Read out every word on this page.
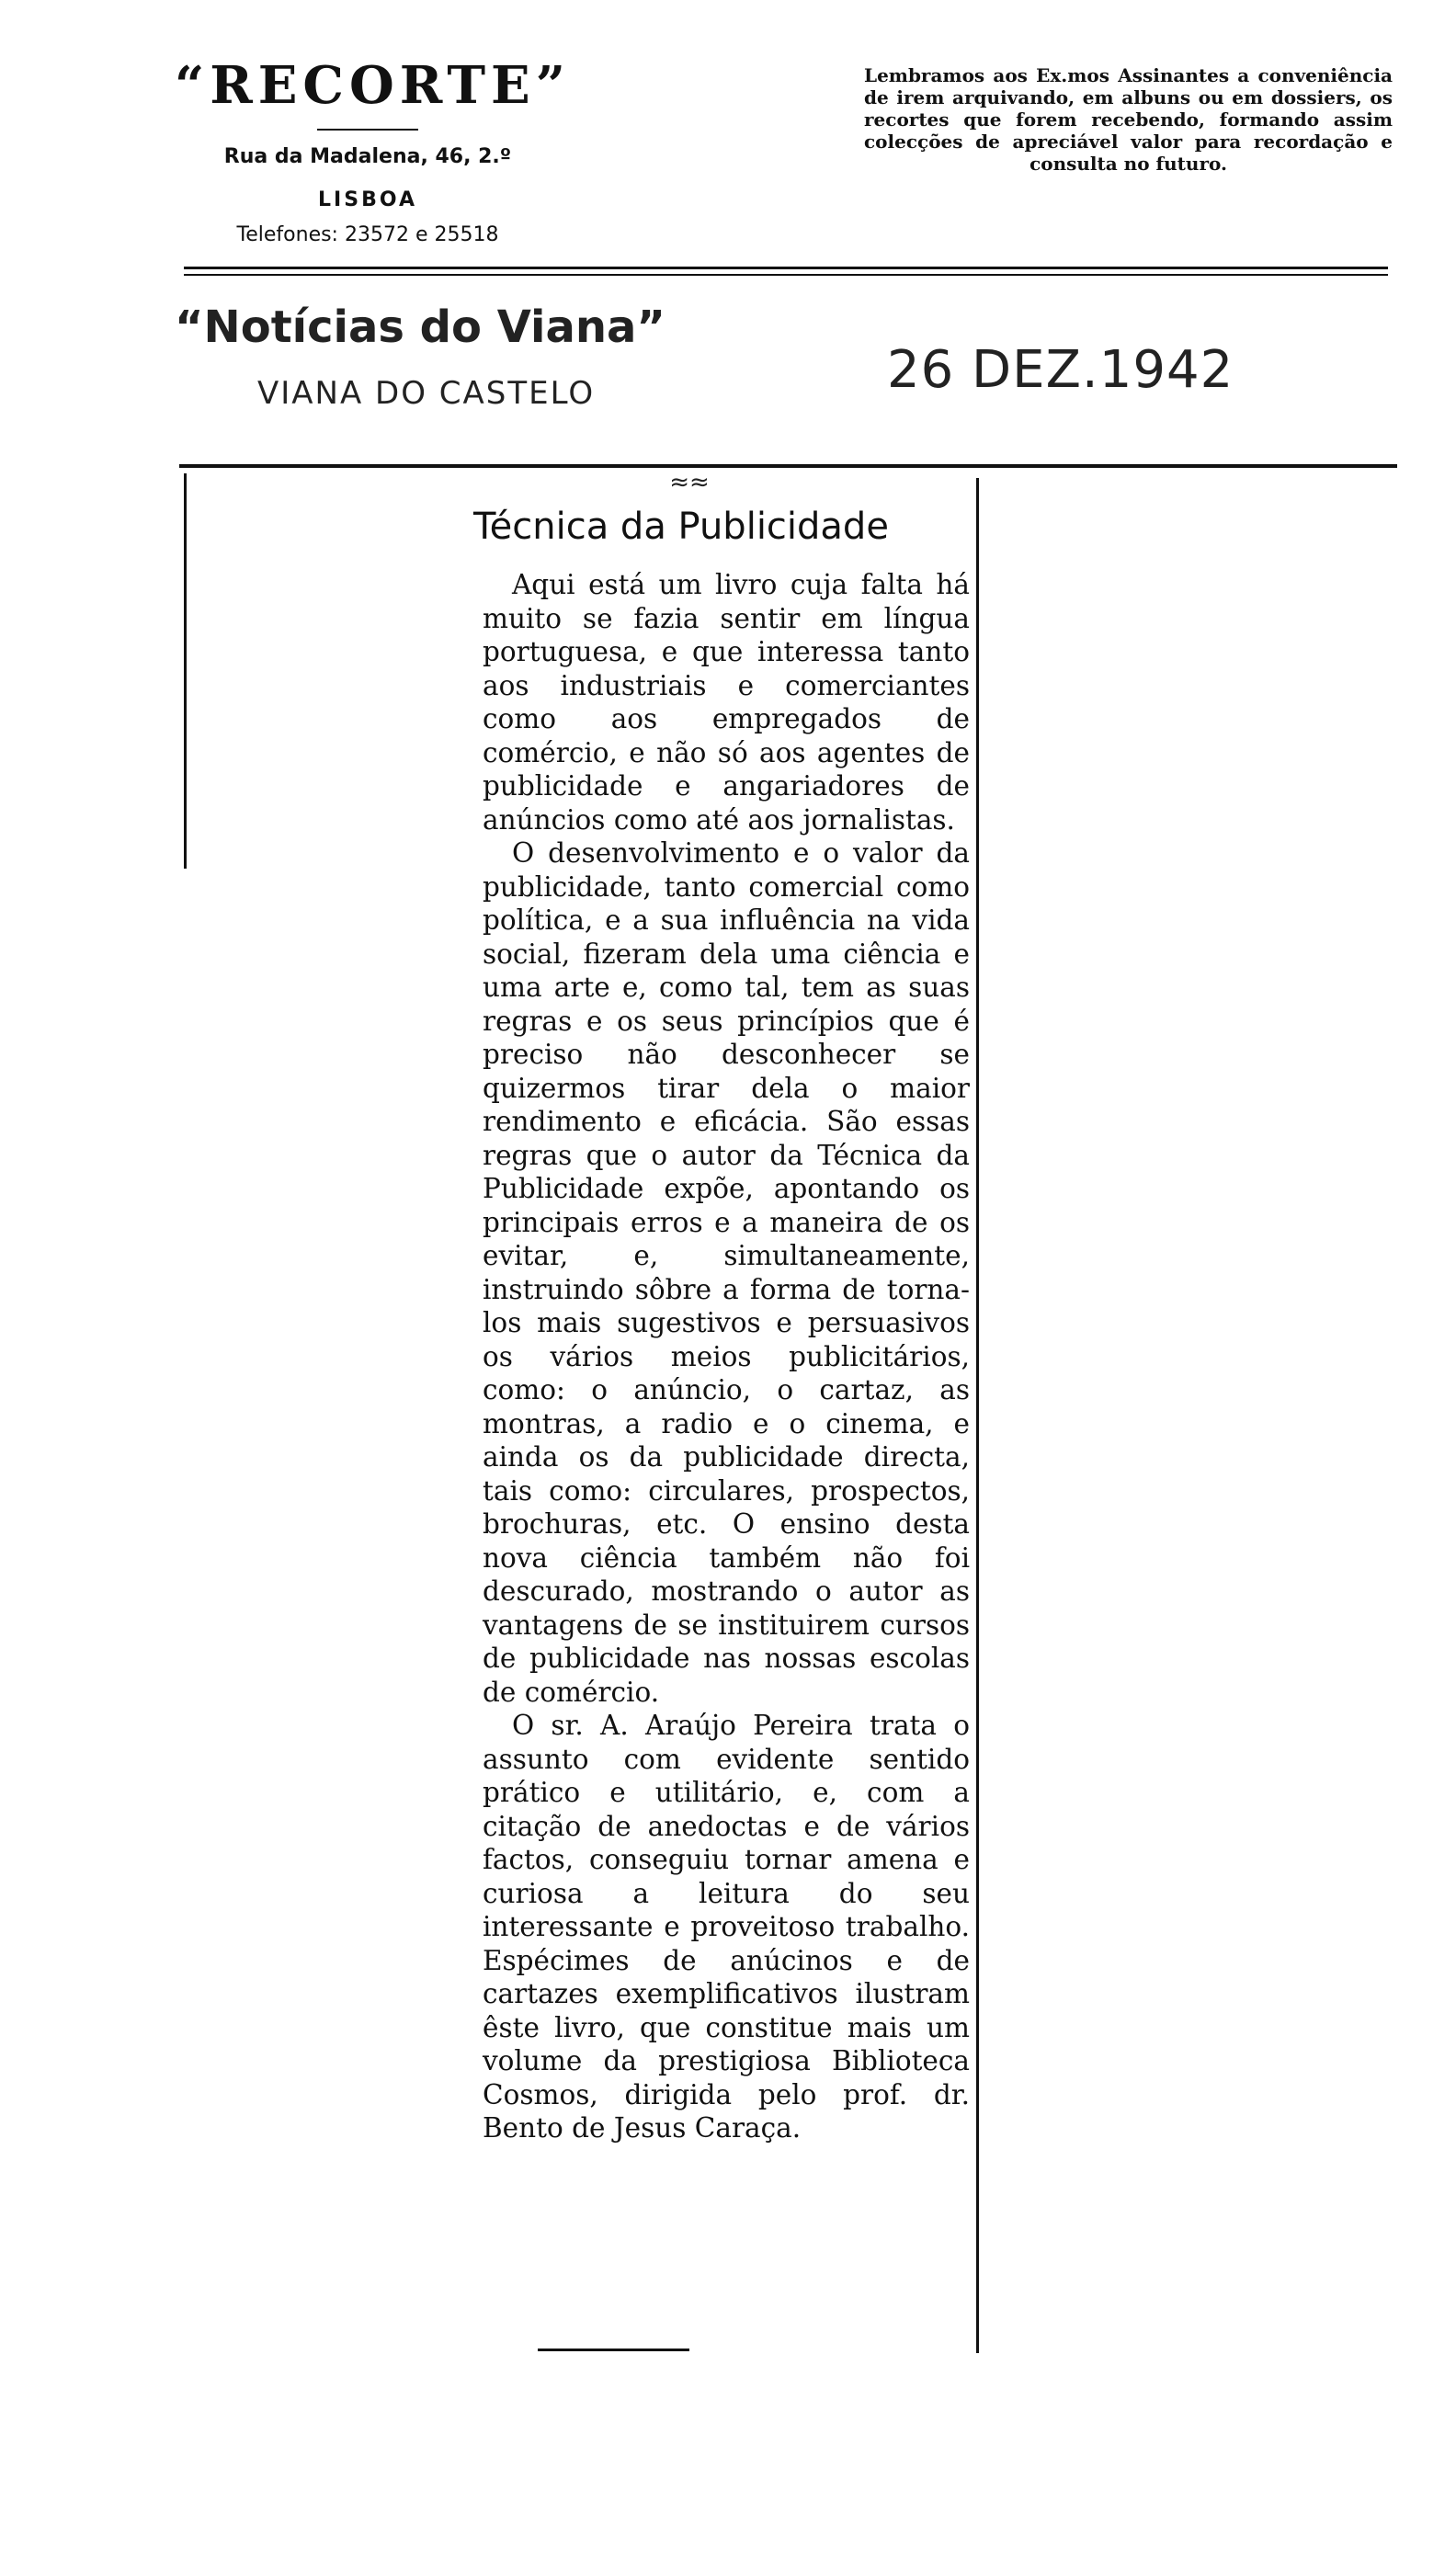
“RECORTE”
Rua da Madalena, 46, 2.º
LISBOA
Telefones: 23572 e 25518
Lembramos aos Ex.mos Assinantes a conveniência de irem arquivando, em albuns ou em dossiers, os recortes que forem recebendo, formando assim colecções de apreciável valor para recordação e consulta no futuro.
“Notícias do Viana”
VIANA DO CASTELO	26 DEZ.1942
≈≈
Técnica da Publicidade

Aqui está um livro cuja falta há muito se fazia sentir em língua portuguesa, e que interessa tanto aos industriais e comerciantes como aos empregados de comércio, e não só aos agentes de publicidade e angariadores de anúncios como até aos jornalistas.

O desenvolvimento e o valor da publicidade, tanto comercial como política, e a sua influência na vida social, fizeram dela uma ciência e uma arte e, como tal, tem as suas regras e os seus princípios que é preciso não desconhecer se quizermos tirar dela o maior rendimento e eficácia. São essas regras que o autor da Técnica da Publicidade expõe, apontando os principais erros e a maneira de os evitar, e, simultaneamente, instruindo sôbre a forma de torna-los mais sugestivos e persuasivos os vários meios publicitários, como: o anúncio, o cartaz, as montras, a radio e o cinema, e ainda os da publicidade directa, tais como: circulares, prospectos, brochuras, etc. O ensino desta nova ciência também não foi descurado, mostrando o autor as vantagens de se instituirem cursos de publicidade nas nossas escolas de comércio.

O sr. A. Araújo Pereira trata o assunto com evidente sentido prático e utilitário, e, com a citação de anedoctas e de vários factos, conseguiu tornar amena e curiosa a leitura do seu interessante e proveitoso trabalho. Espécimes de anúcinos e de cartazes exemplificativos ilustram êste livro, que constitue mais um volume da prestigiosa Biblioteca Cosmos, dirigida pelo prof. dr. Bento de Jesus Caraça.
